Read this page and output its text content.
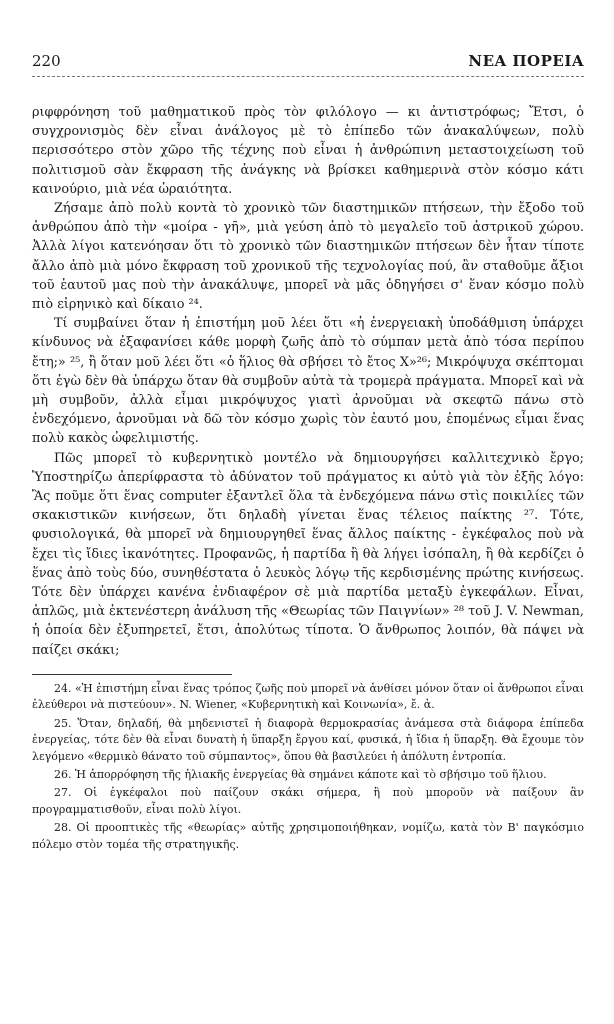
220	ΝΕΑ ΠΟΡΕΙΑ

ριφφρόνηση τοῦ μαθηματικοῦ πρὸς τὸν φιλόλογο — κι ἀντιστρόφως; Ἔτσι, ὁ συγχρονισμὸς δὲν εἶναι ἀνάλογος μὲ τὸ ἐπίπεδο τῶν ἀνακαλύψεων, πολὺ περισσότερο στὸν χῶρο τῆς τέχνης ποὺ εἶναι ἡ ἀνθρώπινη μεταστοιχείωση τοῦ πολιτισμοῦ σὰν ἔκφραση τῆς ἀνάγκης νὰ βρίσκει καθημερινὰ στὸν κόσμο κάτι καινούριο, μιὰ νέα ὡραιότητα.

Ζήσαμε ἀπὸ πολὺ κοντὰ τὸ χρονικὸ τῶν διαστημικῶν πτήσεων, τὴν ἔξοδο τοῦ ἀνθρώπου ἀπὸ τὴν «μοίρα - γῆ», μιὰ γεύση ἀπὸ τὸ μεγαλεῖο τοῦ ἀστρικοῦ χώρου. Ἀλλὰ λίγοι κατενόησαν ὅτι τὸ χρονικὸ τῶν διαστημικῶν πτήσεων δὲν ἦταν τίποτε ἄλλο ἀπὸ μιὰ μόνο ἔκφραση τοῦ χρονικοῦ τῆς τεχνολογίας πού, ἂν σταθοῦμε ἄξιοι τοῦ ἑαυτοῦ μας ποὺ τὴν ἀνακάλυψε, μπορεῖ νὰ μᾶς ὁδηγήσει σ' ἕναν κόσμο πολὺ πιὸ εἰρηνικὸ καὶ δίκαιο ²⁴.

Τί συμβαίνει ὅταν ἡ ἐπιστήμη μοῦ λέει ὅτι «ἡ ἐνεργειακὴ ὑποδάθμιση ὑπάρχει κίνδυνος νὰ ἐξαφανίσει κάθε μορφὴ ζωῆς ἀπὸ τὸ σύμπαν μετὰ ἀπὸ τόσα περίπου ἔτη;» ²⁵, ἢ ὅταν μοῦ λέει ὅτι «ὁ ἥλιος θὰ σβήσει τὸ ἔτος Χ»²⁶; Μικρόψυχα σκέπτομαι ὅτι ἐγὼ δὲν θὰ ὑπάρχω ὅταν θὰ συμβοῦν αὐτὰ τὰ τρομερὰ πράγματα. Μπορεῖ καὶ νὰ μὴ συμβοῦν, ἀλλὰ εἶμαι μικρόψυχος γιατὶ ἀρνοῦμαι νὰ σκεφτῶ πάνω στὸ ἐνδεχόμενο, ἀρνοῦμαι νὰ δῶ τὸν κόσμο χωρὶς τὸν ἑαυτό μου, ἑπομένως εἶμαι ἕνας πολὺ κακὸς ὠφελιμιστής.

Πῶς μπορεῖ τὸ κυβερνητικὸ μοντέλο νὰ δημιουργήσει καλλιτεχνικὸ ἔργο; Ὑποστηρίζω ἀπερίφραστα τὸ ἀδύνατον τοῦ πράγματος κι αὐτὸ γιὰ τὸν ἑξῆς λόγο: Ἂς ποῦμε ὅτι ἕνας computer ἐξαντλεῖ ὅλα τὰ ἐνδεχόμενα πάνω στὶς ποικιλίες τῶν σκακιστικῶν κινήσεων, ὅτι δηλαδὴ γίνεται ἕνας τέλειος παίκτης ²⁷. Τότε, φυσιολογικά, θὰ μπορεῖ νὰ δημιουργηθεῖ ἕνας ἄλλος παίκτης - ἐγκέφαλος ποὺ νὰ ἔχει τὶς ἴδιες ἱκανότητες. Προφανῶς, ἡ παρτίδα ἢ θὰ λήγει ἰσόπαλη, ἢ θὰ κερδίζει ὁ ἕνας ἀπὸ τοὺς δύο, συνηθέστατα ὁ λευκὸς λόγῳ τῆς κερδισμένης πρώτης κινήσεως. Τότε δὲν ὑπάρχει κανένα ἐνδιαφέρον σὲ μιὰ παρτίδα μεταξὺ ἐγκεφάλων. Εἶναι, ἁπλῶς, μιὰ ἐκτενέστερη ἀνάλυση τῆς «Θεωρίας τῶν Παιγνίων» ²⁸ τοῦ J. V. Newman, ἡ ὁποία δὲν ἐξυπηρετεῖ, ἔτσι, ἀπολύτως τίποτα. Ὁ ἄνθρωπος λοιπόν, θὰ πάψει νὰ παίζει σκάκι;

24. «Ἡ ἐπιστήμη εἶναι ἕνας τρόπος ζωῆς ποὺ μπορεῖ νὰ ἀνθίσει μόνον ὅταν οἱ ἄνθρωποι εἶναι ἐλεύθεροι νὰ πιστεύουν». N. Wiener, «Κυβερνητικὴ καὶ Κοινωνία», ἔ. ἀ.

25. Ὅταν, δηλαδή, θὰ μηδενιστεῖ ἡ διαφορὰ θερμοκρασίας ἀνάμεσα στὰ διάφορα ἐπίπεδα ἐνεργείας, τότε δὲν θὰ εἶναι δυνατὴ ἡ ὕπαρξη ἔργου καί, φυσικά, ἡ ἴδια ἡ ὕπαρξη. Θὰ ἔχουμε τὸν λεγόμενο «θερμικὸ θάνατο τοῦ σύμπαντος», ὅπου θὰ βασιλεύει ἡ ἀπόλυτη ἐντροπία.

26. Ἡ ἀπορρόφηση τῆς ἡλιακῆς ἐνεργείας θὰ σημάνει κάποτε καὶ τὸ σβήσιμο τοῦ ἥλιου.

27. Οἱ ἐγκέφαλοι ποὺ παίζουν σκάκι σήμερα, ἢ ποὺ μποροῦν νὰ παίξουν ἂν προγραμματισθοῦν, εἶναι πολὺ λίγοι.

28. Οἱ προοπτικὲς τῆς «θεωρίας» αὐτῆς χρησιμοποιήθηκαν, νομίζω, κατὰ τὸν Β' παγκόσμιο πόλεμο στὸν τομέα τῆς στρατηγικῆς.
